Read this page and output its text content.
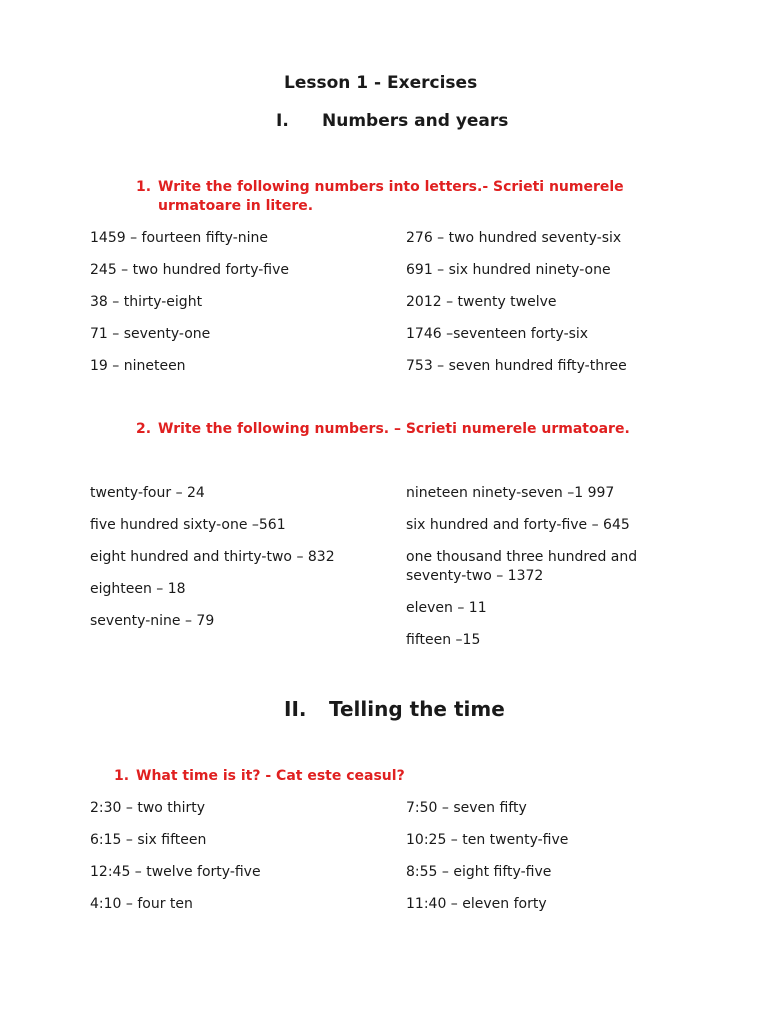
Lesson 1 - Exercises
I. Numbers and years
1. Write the following numbers into letters.- Scrieti numerele
urmatoare in litere.
1459 – fourteen fifty-nine
245 – two hundred forty-five
38 – thirty-eight
71 – seventy-one
19 – nineteen
276 – two hundred seventy-six
691 – six hundred ninety-one
2012 – twenty twelve
1746 –seventeen forty-six
753 – seven hundred fifty-three
2. Write the following numbers. – Scrieti numerele urmatoare.
twenty-four – 24
five hundred sixty-one –561
eight hundred and thirty-two – 832
eighteen – 18
seventy-nine – 79
nineteen ninety-seven –1 997
six hundred and forty-five – 645
one thousand three hundred and
seventy-two – 1372
eleven – 11
fifteen –15
II. Telling the time
1. What time is it? - Cat este ceasul?
2:30 – two thirty
6:15 – six fifteen
12:45 – twelve forty-five
4:10 – four ten
7:50 – seven fifty
10:25 – ten twenty-five
8:55 – eight fifty-five
11:40 – eleven forty
